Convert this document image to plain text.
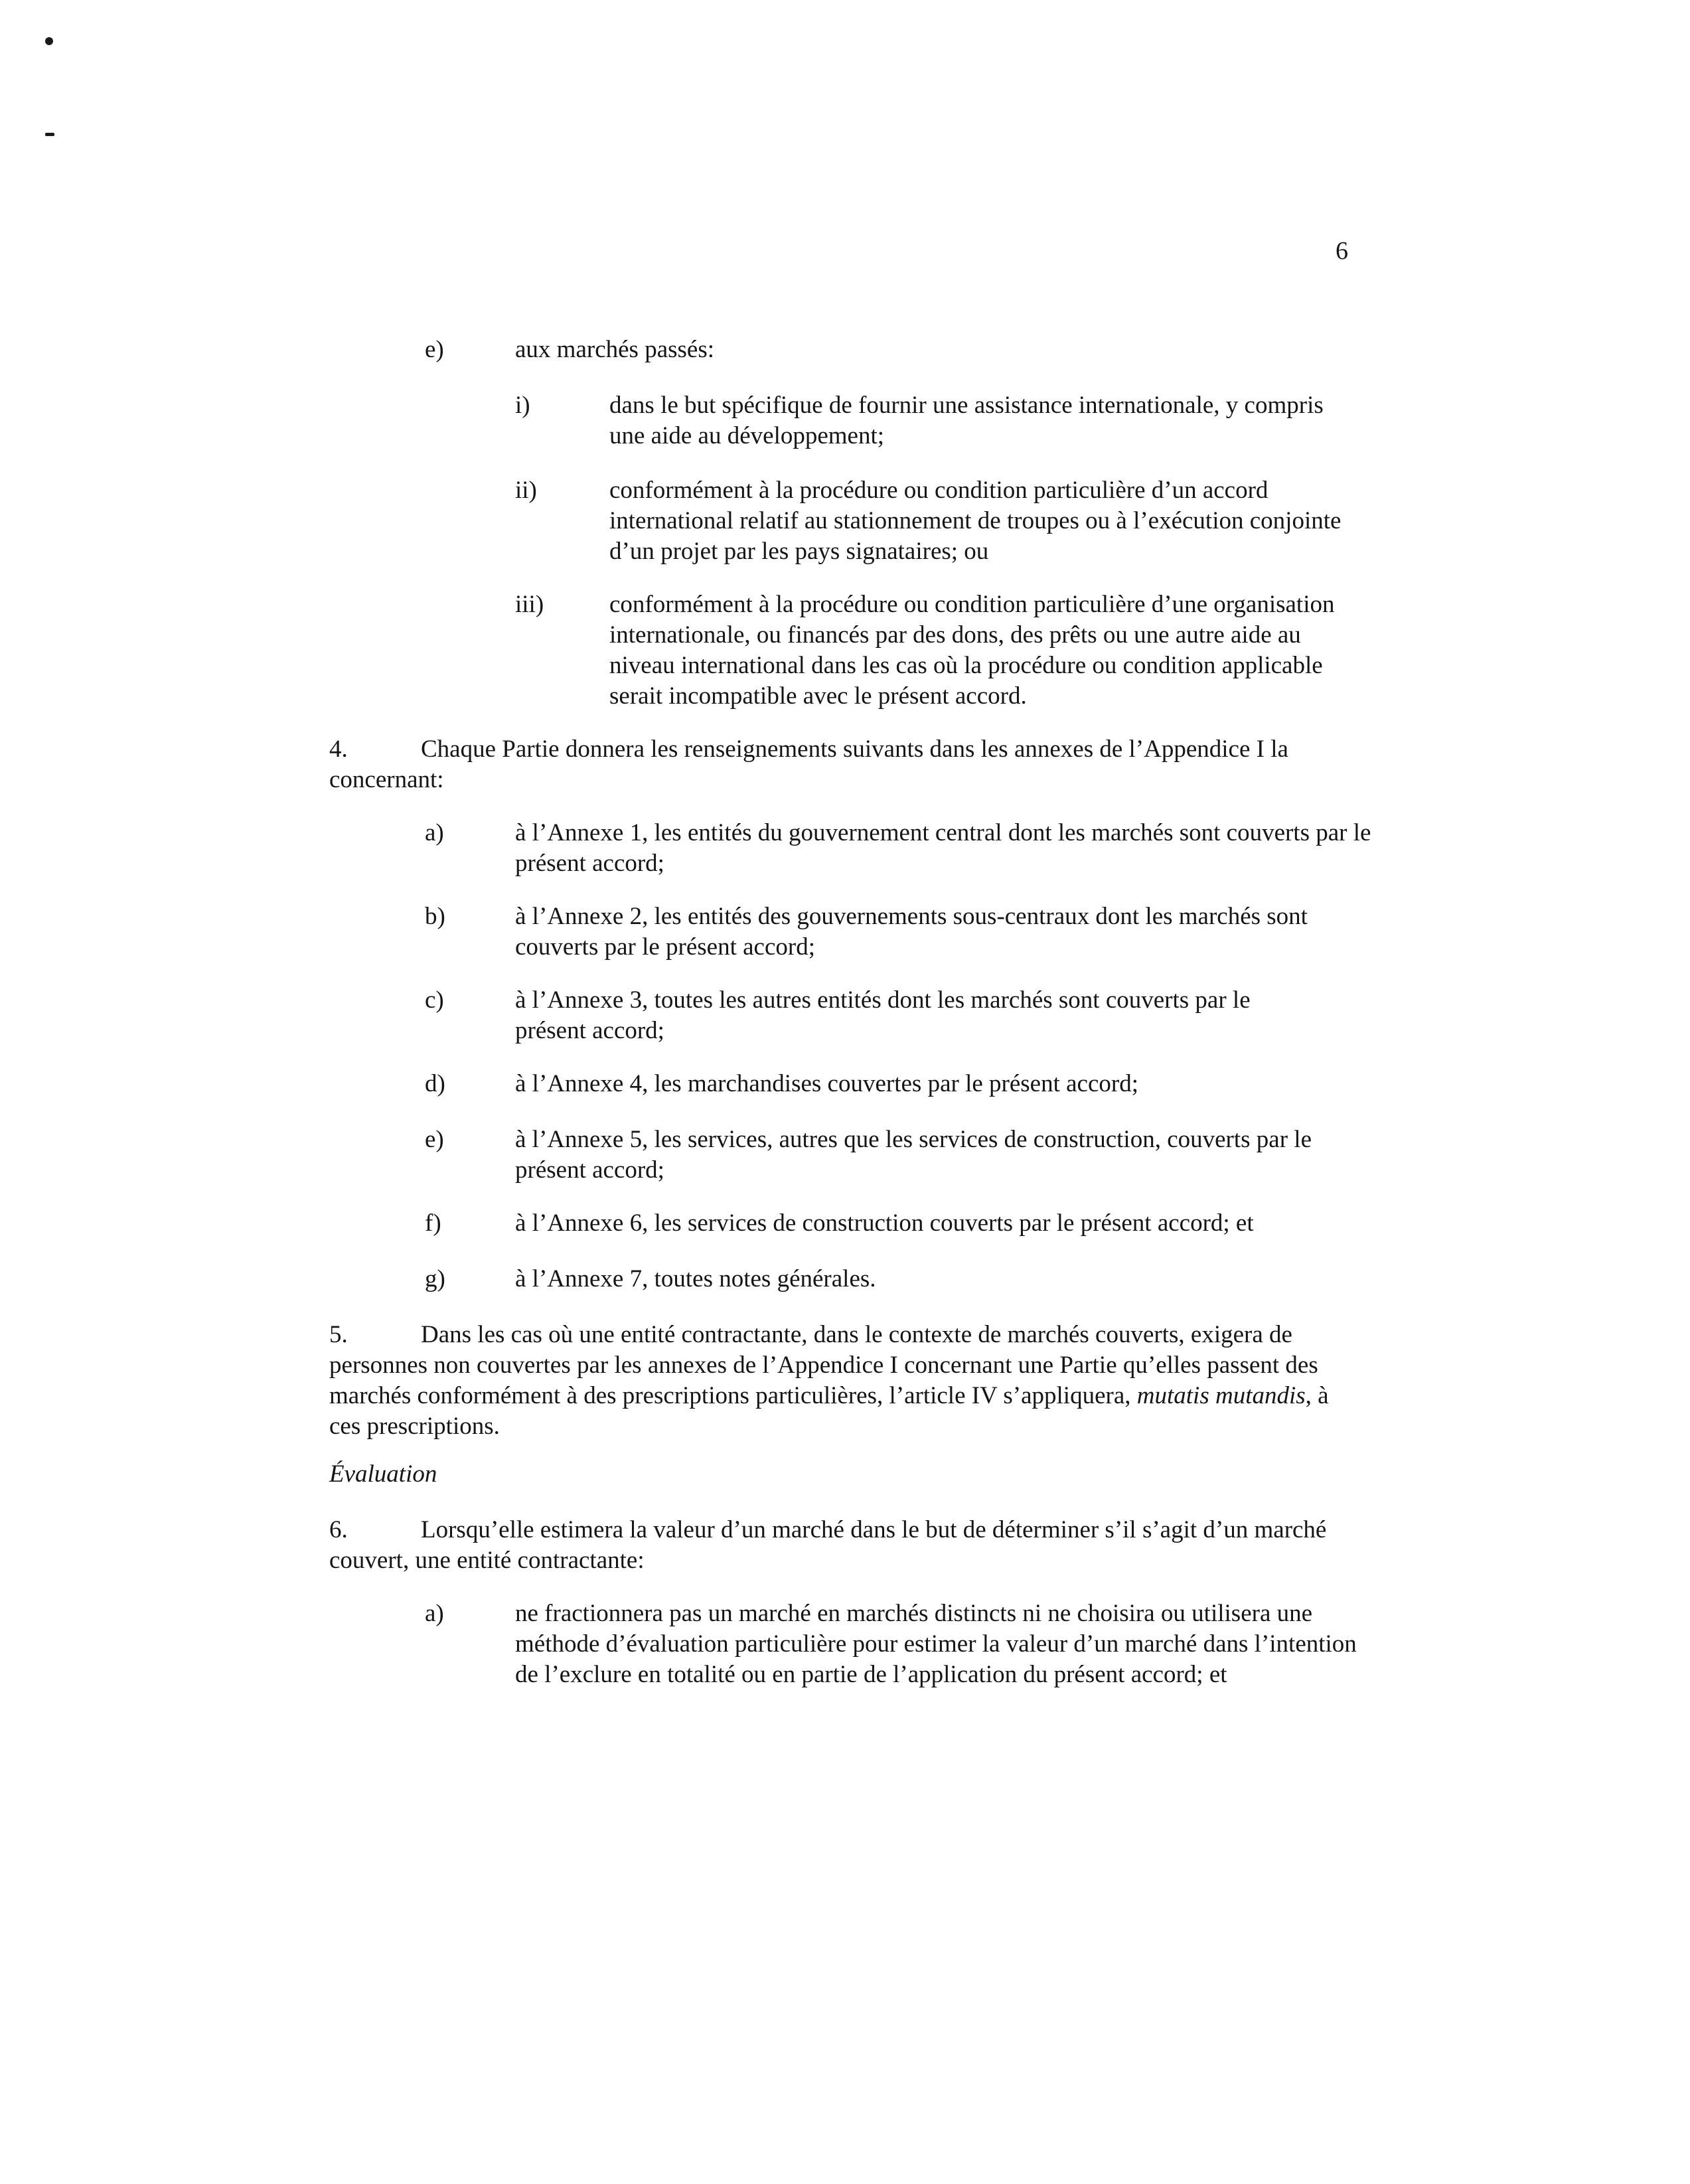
6
e)	aux marchés passés:
i)	dans le but spécifique de fournir une assistance internationale, y compris une aide au développement;
ii)	conformément à la procédure ou condition particulière d’un accord international relatif au stationnement de troupes ou à l’exécution conjointe d’un projet par les pays signataires; ou
iii)	conformément à la procédure ou condition particulière d’une organisation internationale, ou financés par des dons, des prêts ou une autre aide au niveau international dans les cas où la procédure ou condition applicable serait incompatible avec le présent accord.

4.	Chaque Partie donnera les renseignements suivants dans les annexes de l’Appendice I la concernant:

a)	à l’Annexe 1, les entités du gouvernement central dont les marchés sont couverts par le présent accord;
b)	à l’Annexe 2, les entités des gouvernements sous-centraux dont les marchés sont couverts par le présent accord;
c)	à l’Annexe 3, toutes les autres entités dont les marchés sont couverts par le présent accord;
d)	à l’Annexe 4, les marchandises couvertes par le présent accord;
e)	à l’Annexe 5, les services, autres que les services de construction, couverts par le présent accord;
f)	à l’Annexe 6, les services de construction couverts par le présent accord; et
g)	à l’Annexe 7, toutes notes générales.

5.	Dans les cas où une entité contractante, dans le contexte de marchés couverts, exigera de personnes non couvertes par les annexes de l’Appendice I concernant une Partie qu’elles passent des marchés conformément à des prescriptions particulières, l’article IV s’appliquera, mutatis mutandis, à ces prescriptions.

Évaluation

6.	Lorsqu’elle estimera la valeur d’un marché dans le but de déterminer s’il s’agit d’un marché couvert, une entité contractante:

a)	ne fractionnera pas un marché en marchés distincts ni ne choisira ou utilisera une méthode d’évaluation particulière pour estimer la valeur d’un marché dans l’intention de l’exclure en totalité ou en partie de l’application du présent accord; et
